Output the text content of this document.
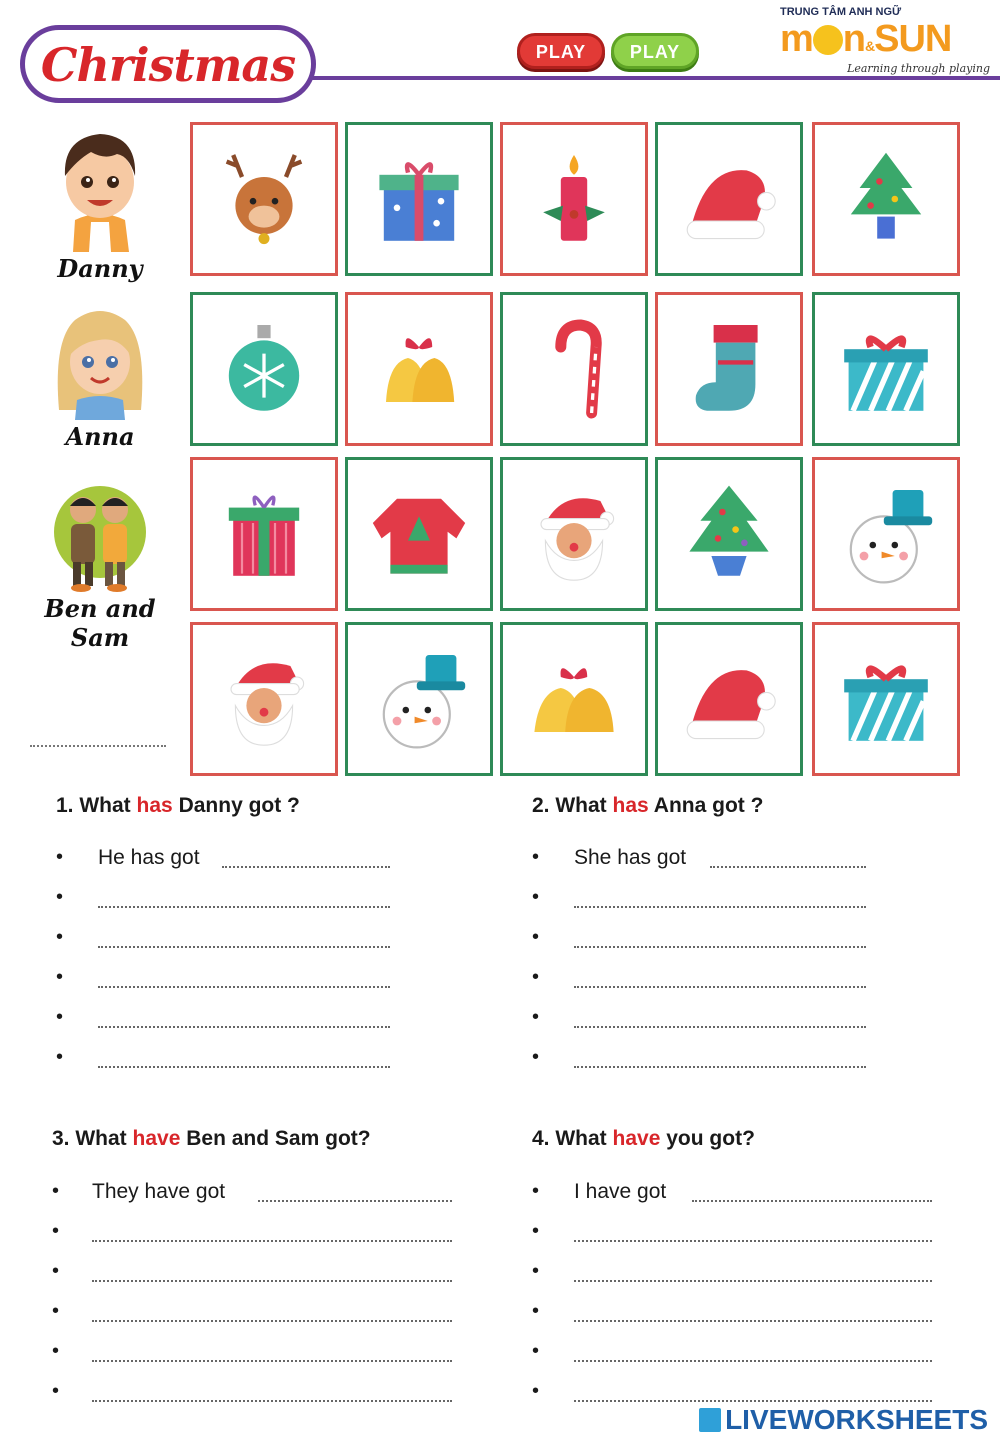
Christmas	PLAY	PLAY
TRUNG TÂM ANH NGỮ
m n&SUN
Learning through playing
Danny
Anna
Ben and Sam
1. What has Danny got ?
• He has got
•
•
•
•
•
2. What has Anna got ?
• She has got
•
•
•
•
•
3. What have Ben and Sam got?
• They have got
•
•
•
•
•
4. What have you got?
• I have got
•
•
•
•
•
LIVEWORKSHEETS
